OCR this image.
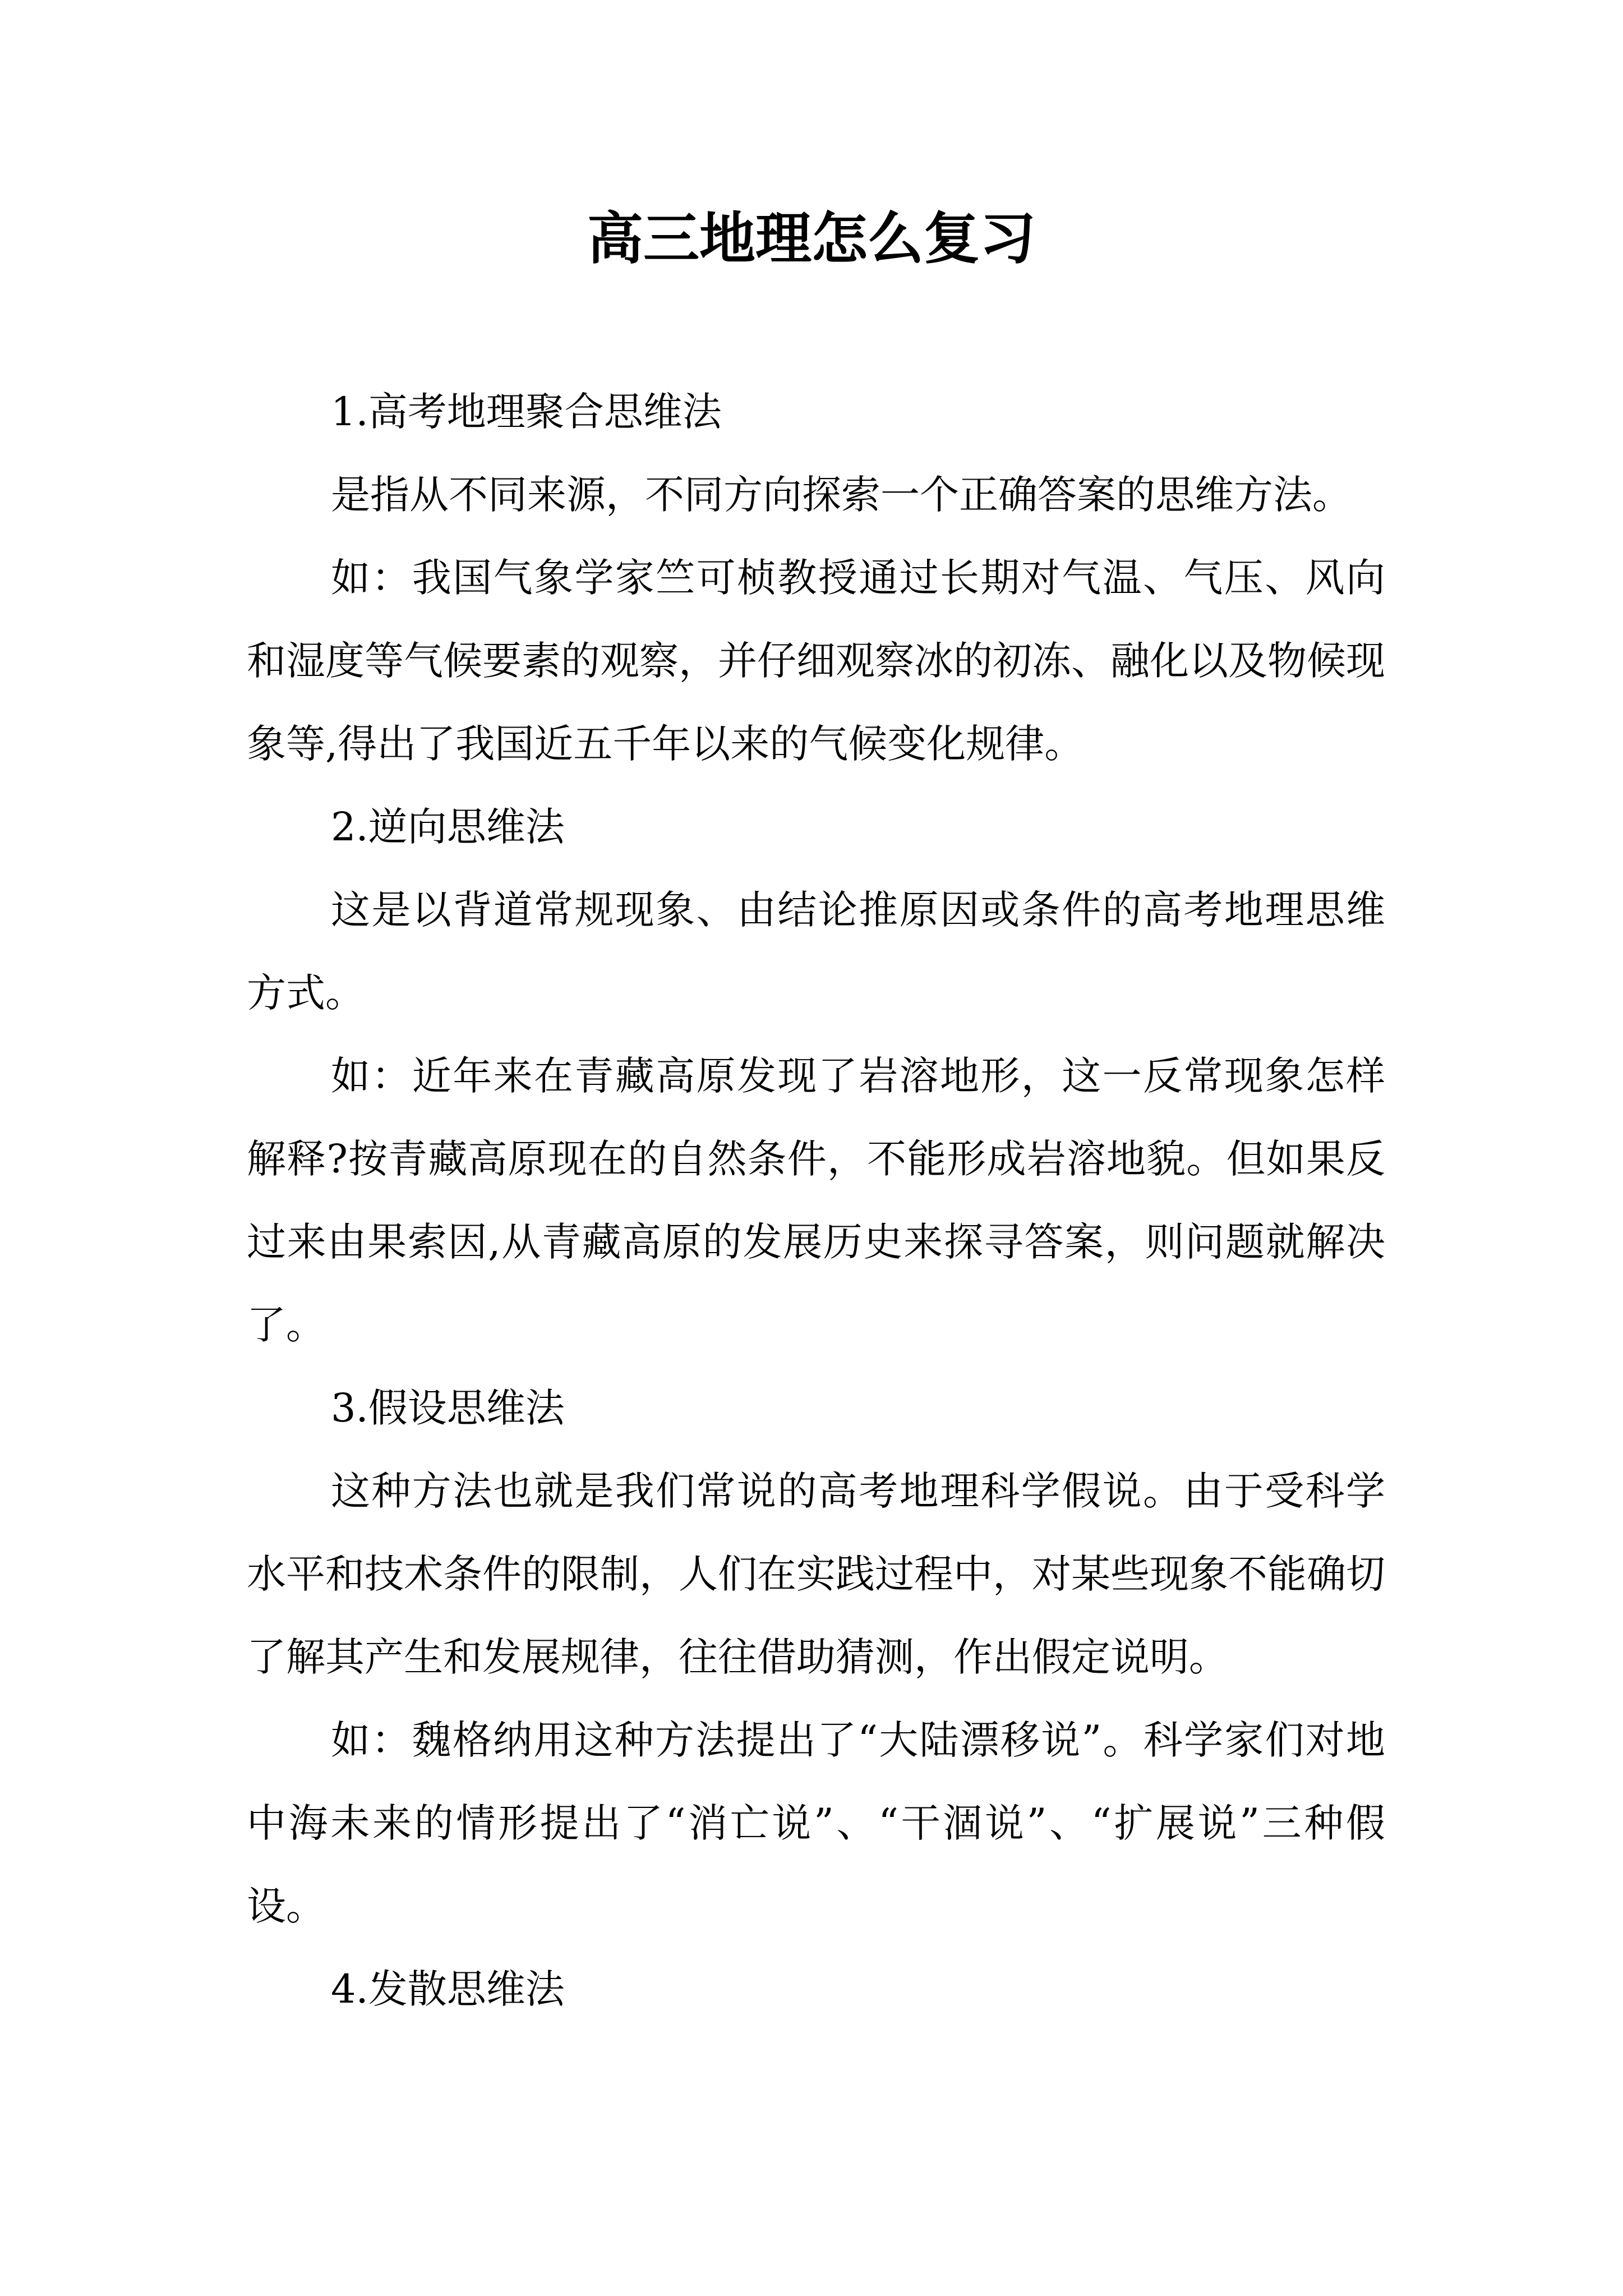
高三地理怎么复习

1.高考地理聚合思维法

是指从不同来源，不同方向探索一个正确答案的思维方法。

如：我国气象学家竺可桢教授通过长期对气温、气压、风向和湿度等气候要素的观察，并仔细观察冰的初冻、融化以及物候现象等,得出了我国近五千年以来的气候变化规律。

2.逆向思维法

这是以背道常规现象、由结论推原因或条件的高考地理思维方式。

如：近年来在青藏高原发现了岩溶地形，这一反常现象怎样解释?按青藏高原现在的自然条件，不能形成岩溶地貌。但如果反过来由果索因,从青藏高原的发展历史来探寻答案，则问题就解决了。

3.假设思维法

这种方法也就是我们常说的高考地理科学假说。由于受科学水平和技术条件的限制，人们在实践过程中，对某些现象不能确切了解其产生和发展规律，往往借助猜测，作出假定说明。

如：魏格纳用这种方法提出了“大陆漂移说”。科学家们对地中海未来的情形提出了“消亡说”、“干涸说”、“扩展说”三种假设。

4.发散思维法
